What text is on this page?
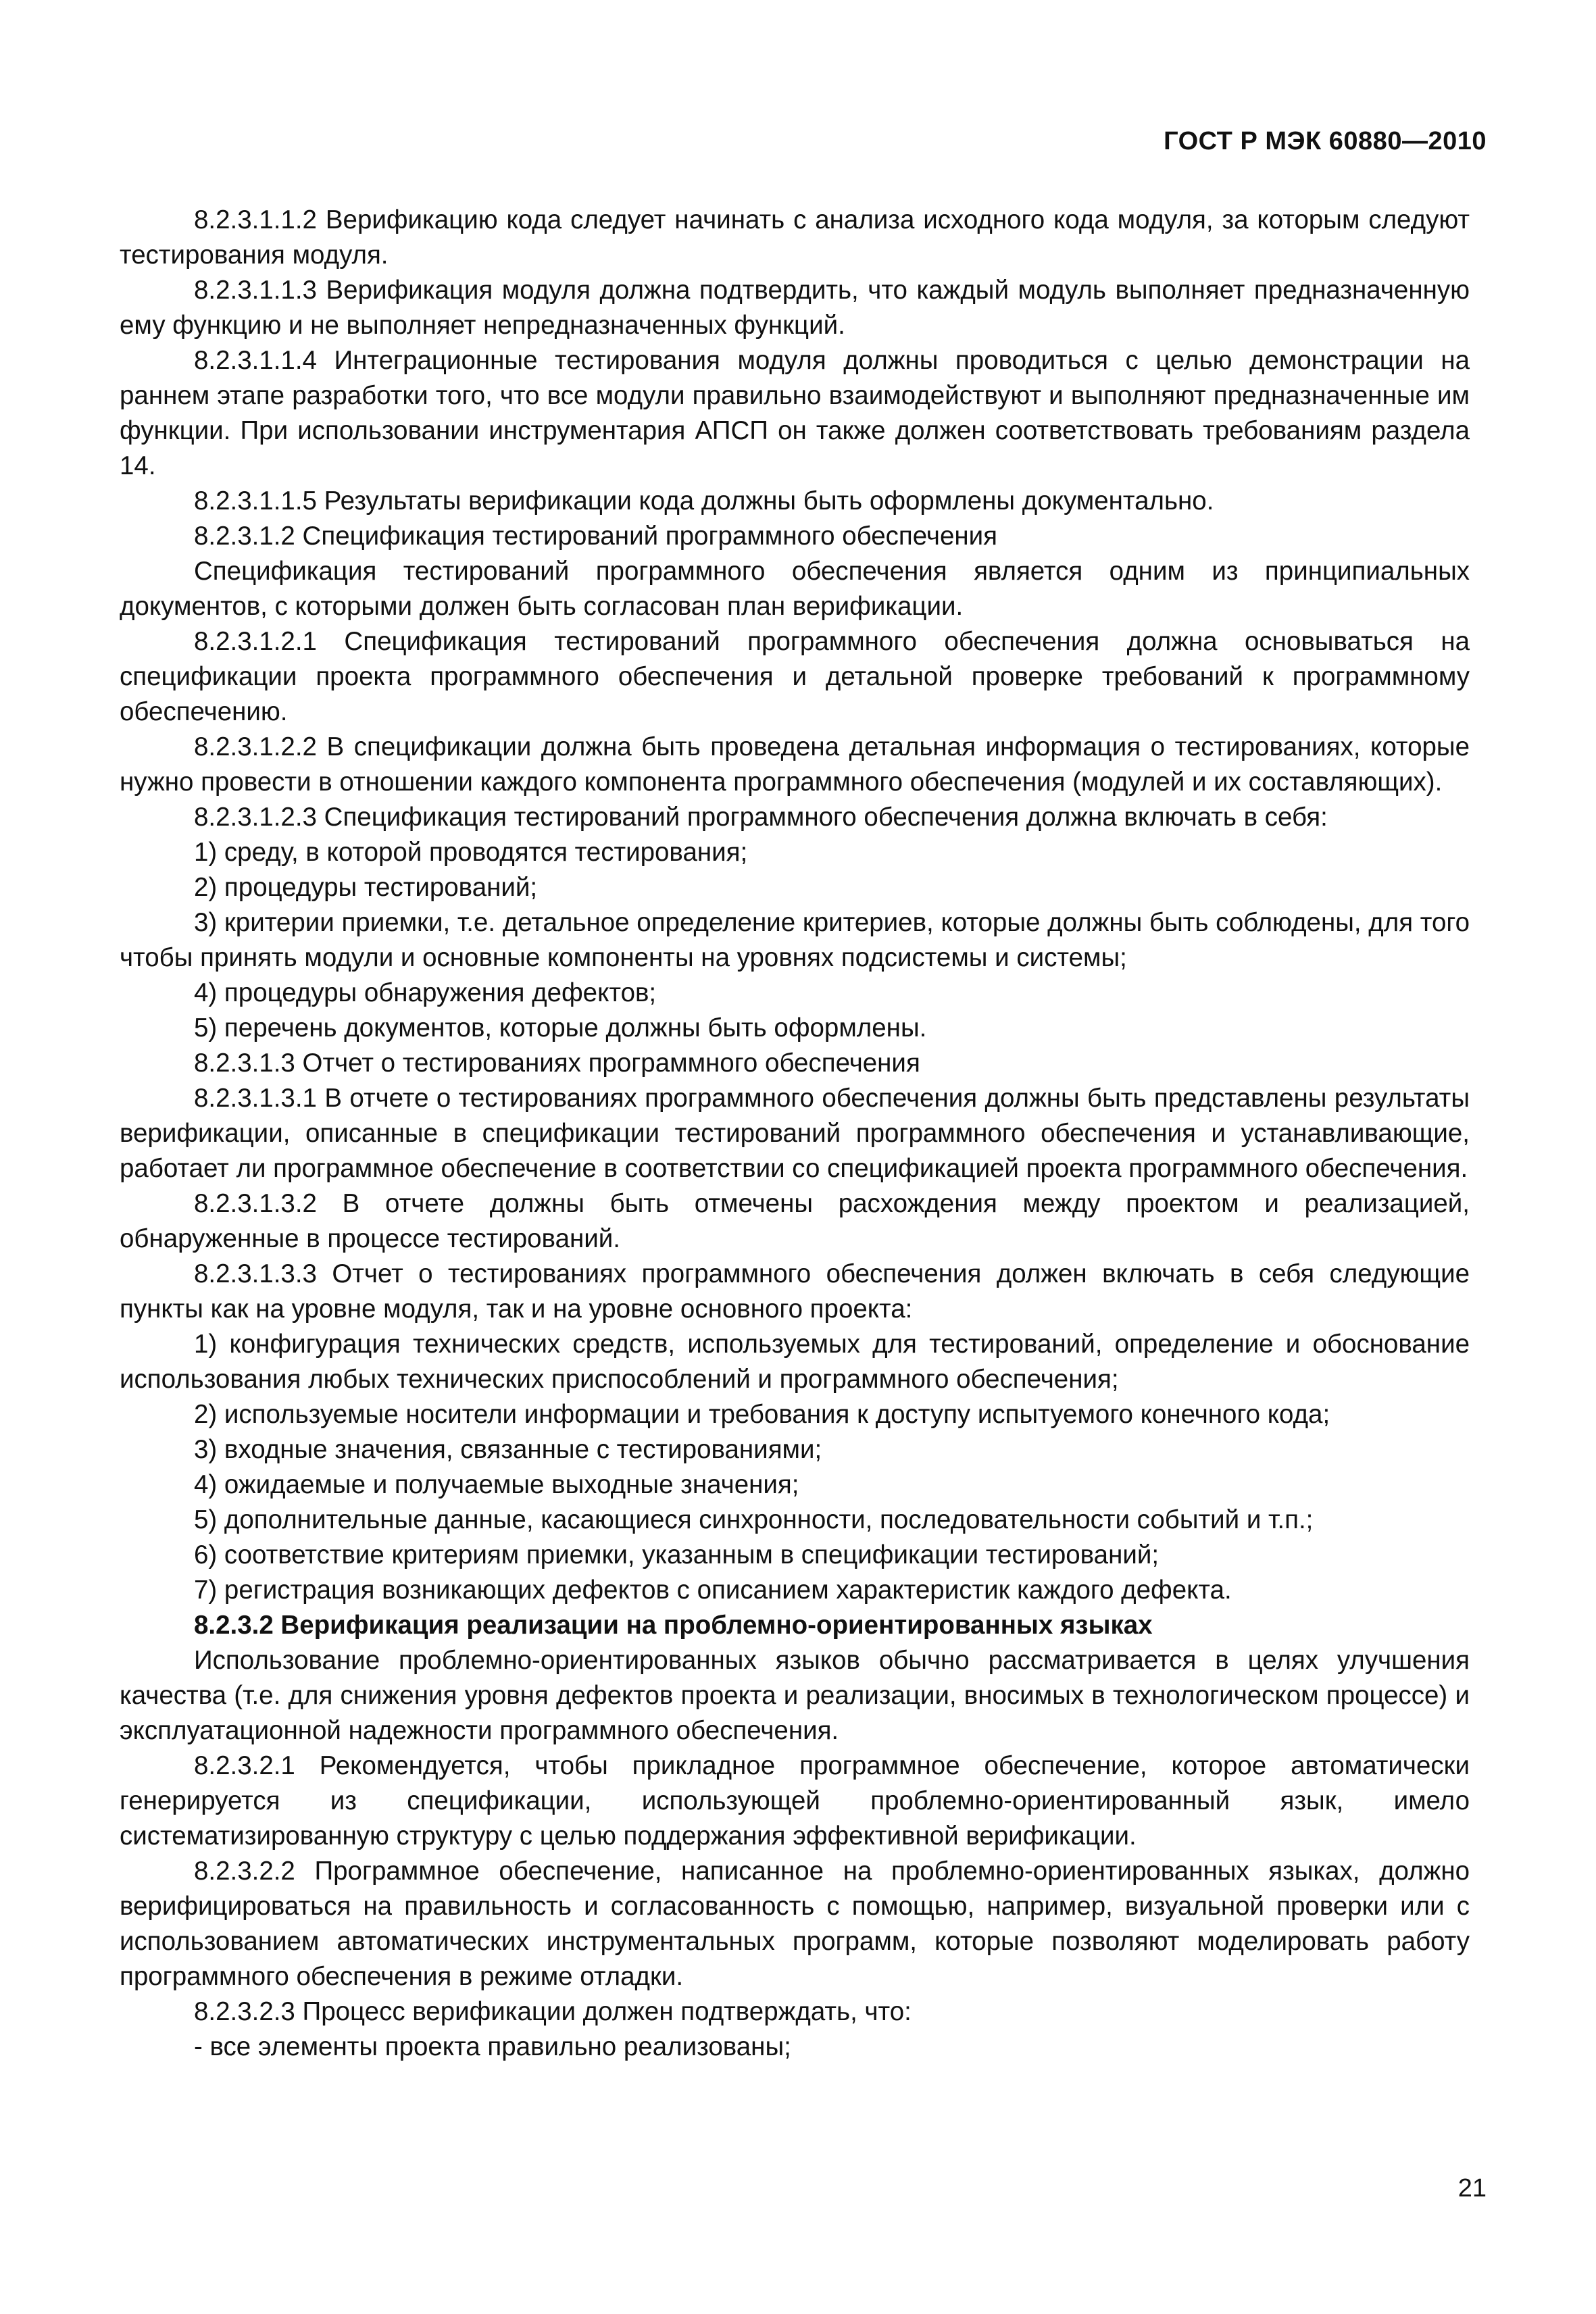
ГОСТ Р МЭК 60880—2010

8.2.3.1.1.2 Верификацию кода следует начинать с анализа исходного кода модуля, за которым следуют тестирования модуля.

8.2.3.1.1.3 Верификация модуля должна подтвердить, что каждый модуль выполняет предназначенную ему функцию и не выполняет непредназначенных функций.

8.2.3.1.1.4 Интеграционные тестирования модуля должны проводиться с целью демонстрации на раннем этапе разработки того, что все модули правильно взаимодействуют и выполняют предназначенные им функции. При использовании инструментария АПСП он также должен соответствовать требованиям раздела 14.

8.2.3.1.1.5 Результаты верификации кода должны быть оформлены документально.

8.2.3.1.2 Спецификация тестирований программного обеспечения

Спецификация тестирований программного обеспечения является одним из принципиальных документов, с которыми должен быть согласован план верификации.

8.2.3.1.2.1 Спецификация тестирований программного обеспечения должна основываться на спецификации проекта программного обеспечения и детальной проверке требований к программному обеспечению.

8.2.3.1.2.2 В спецификации должна быть проведена детальная информация о тестированиях, которые нужно провести в отношении каждого компонента программного обеспечения (модулей и их составляющих).

8.2.3.1.2.3 Спецификация тестирований программного обеспечения должна включать в себя:

1) среду, в которой проводятся тестирования;

2) процедуры тестирований;

3) критерии приемки, т.е. детальное определение критериев, которые должны быть соблюдены, для того чтобы принять модули и основные компоненты на уровнях подсистемы и системы;

4) процедуры обнаружения дефектов;

5) перечень документов, которые должны быть оформлены.

8.2.3.1.3 Отчет о тестированиях программного обеспечения

8.2.3.1.3.1 В отчете о тестированиях программного обеспечения должны быть представлены результаты верификации, описанные в спецификации тестирований программного обеспечения и устанавливающие, работает ли программное обеспечение в соответствии со спецификацией проекта программного обеспечения.

8.2.3.1.3.2 В отчете должны быть отмечены расхождения между проектом и реализацией, обнаруженные в процессе тестирований.

8.2.3.1.3.3 Отчет о тестированиях программного обеспечения должен включать в себя следующие пункты как на уровне модуля, так и на уровне основного проекта:

1) конфигурация технических средств, используемых для тестирований, определение и обоснование использования любых технических приспособлений и программного обеспечения;

2) используемые носители информации и требования к доступу испытуемого конечного кода;

3) входные значения, связанные с тестированиями;

4) ожидаемые и получаемые выходные значения;

5) дополнительные данные, касающиеся синхронности, последовательности событий и т.п.;

6) соответствие критериям приемки, указанным в спецификации тестирований;

7) регистрация возникающих дефектов с описанием характеристик каждого дефекта.

8.2.3.2 Верификация реализации на проблемно-ориентированных языках

Использование проблемно-ориентированных языков обычно рассматривается в целях улучшения качества (т.е. для снижения уровня дефектов проекта и реализации, вносимых в технологическом процессе) и эксплуатационной надежности программного обеспечения.

8.2.3.2.1 Рекомендуется, чтобы прикладное программное обеспечение, которое автоматически генерируется из спецификации, использующей проблемно-ориентированный язык, имело систематизированную структуру с целью поддержания эффективной верификации.

8.2.3.2.2 Программное обеспечение, написанное на проблемно-ориентированных языках, должно верифицироваться на правильность и согласованность с помощью, например, визуальной проверки или с использованием автоматических инструментальных программ, которые позволяют моделировать работу программного обеспечения в режиме отладки.

8.2.3.2.3 Процесс верификации должен подтверждать, что:

- все элементы проекта правильно реализованы;

21
